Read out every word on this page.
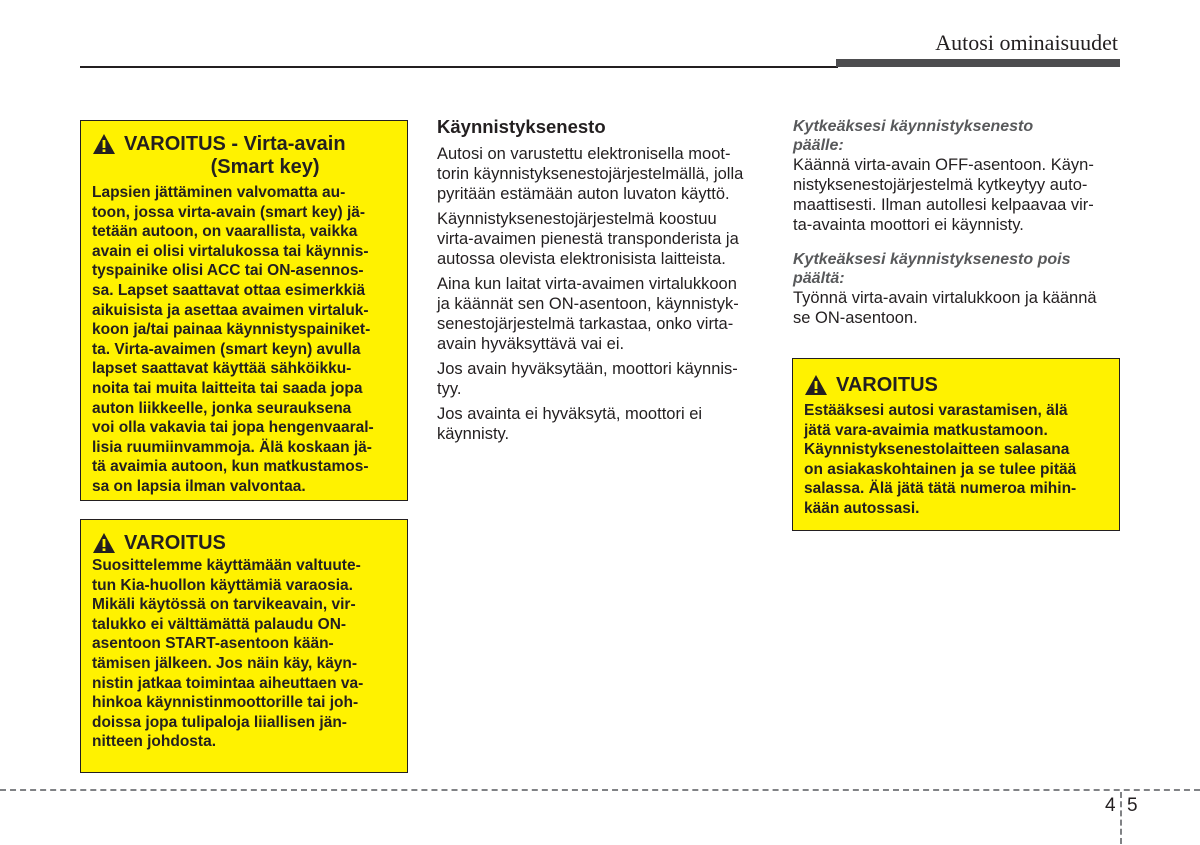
Autosi ominaisuudet
VAROITUS - Virta-avain
(Smart key)
Lapsien jättäminen valvomatta au-
toon, jossa virta-avain (smart key) jä-
tetään autoon, on vaarallista, vaikka
avain ei olisi virtalukossa tai käynnis-
tyspainike olisi ACC tai ON-asennos-
sa. Lapset saattavat ottaa esimerkkiä
aikuisista ja asettaa avaimen virtaluk-
koon ja/tai painaa käynnistyspainiket-
ta. Virta-avaimen (smart keyn) avulla
lapset saattavat käyttää sähköikku-
noita tai muita laitteita tai saada jopa
auton liikkeelle, jonka seurauksena
voi olla vakavia tai jopa hengenvaaral-
lisia ruumiinvammoja. Älä koskaan jä-
tä avaimia autoon, kun matkustamos-
sa on lapsia ilman valvontaa.
VAROITUS
Suosittelemme käyttämään valtuute-
tun Kia-huollon käyttämiä varaosia.
Mikäli käytössä on tarvikeavain, vir-
talukko ei välttämättä palaudu ON-
asentoon START-asentoon kään-
tämisen jälkeen. Jos näin käy, käyn-
nistin jatkaa toimintaa aiheuttaen va-
hinkoa käynnistinmoottorille tai joh-
doissa jopa tulipaloja liiallisen jän-
nitteen johdosta.
Käynnistyksenesto

Autosi on varustettu elektronisella moot-
torin käynnistyksenestojärjestelmällä, jolla
pyritään estämään auton luvaton käyttö.

Käynnistyksenestojärjestelmä koostuu
virta-avaimen pienestä transponderista ja
autossa olevista elektronisista laitteista.

Aina kun laitat virta-avaimen virtalukkoon
ja käännät sen ON-asentoon, käynnistyk-
senestojärjestelmä tarkastaa, onko virta-
avain hyväksyttävä vai ei.

Jos avain hyväksytään, moottori käynnis-
tyy.

Jos avainta ei hyväksytä, moottori ei
käynnisty.

Kytkeäksesi käynnistyksenesto
päälle:

Käännä virta-avain OFF-asentoon. Käyn-
nistyksenestojärjestelmä kytkeytyy auto-
maattisesti. Ilman autollesi kelpaavaa vir-
ta-avainta moottori ei käynnisty.

Kytkeäksesi käynnistyksenesto pois
päältä:

Työnnä virta-avain virtalukkoon ja käännä
se ON-asentoon.

VAROITUS
Estääksesi autosi varastamisen, älä
jätä vara-avaimia matkustamoon.
Käynnistyksenestolaitteen salasana
on asiakaskohtainen ja se tulee pitää
salassa. Älä jätä tätä numeroa mihin-
kään autossasi.
4 5
